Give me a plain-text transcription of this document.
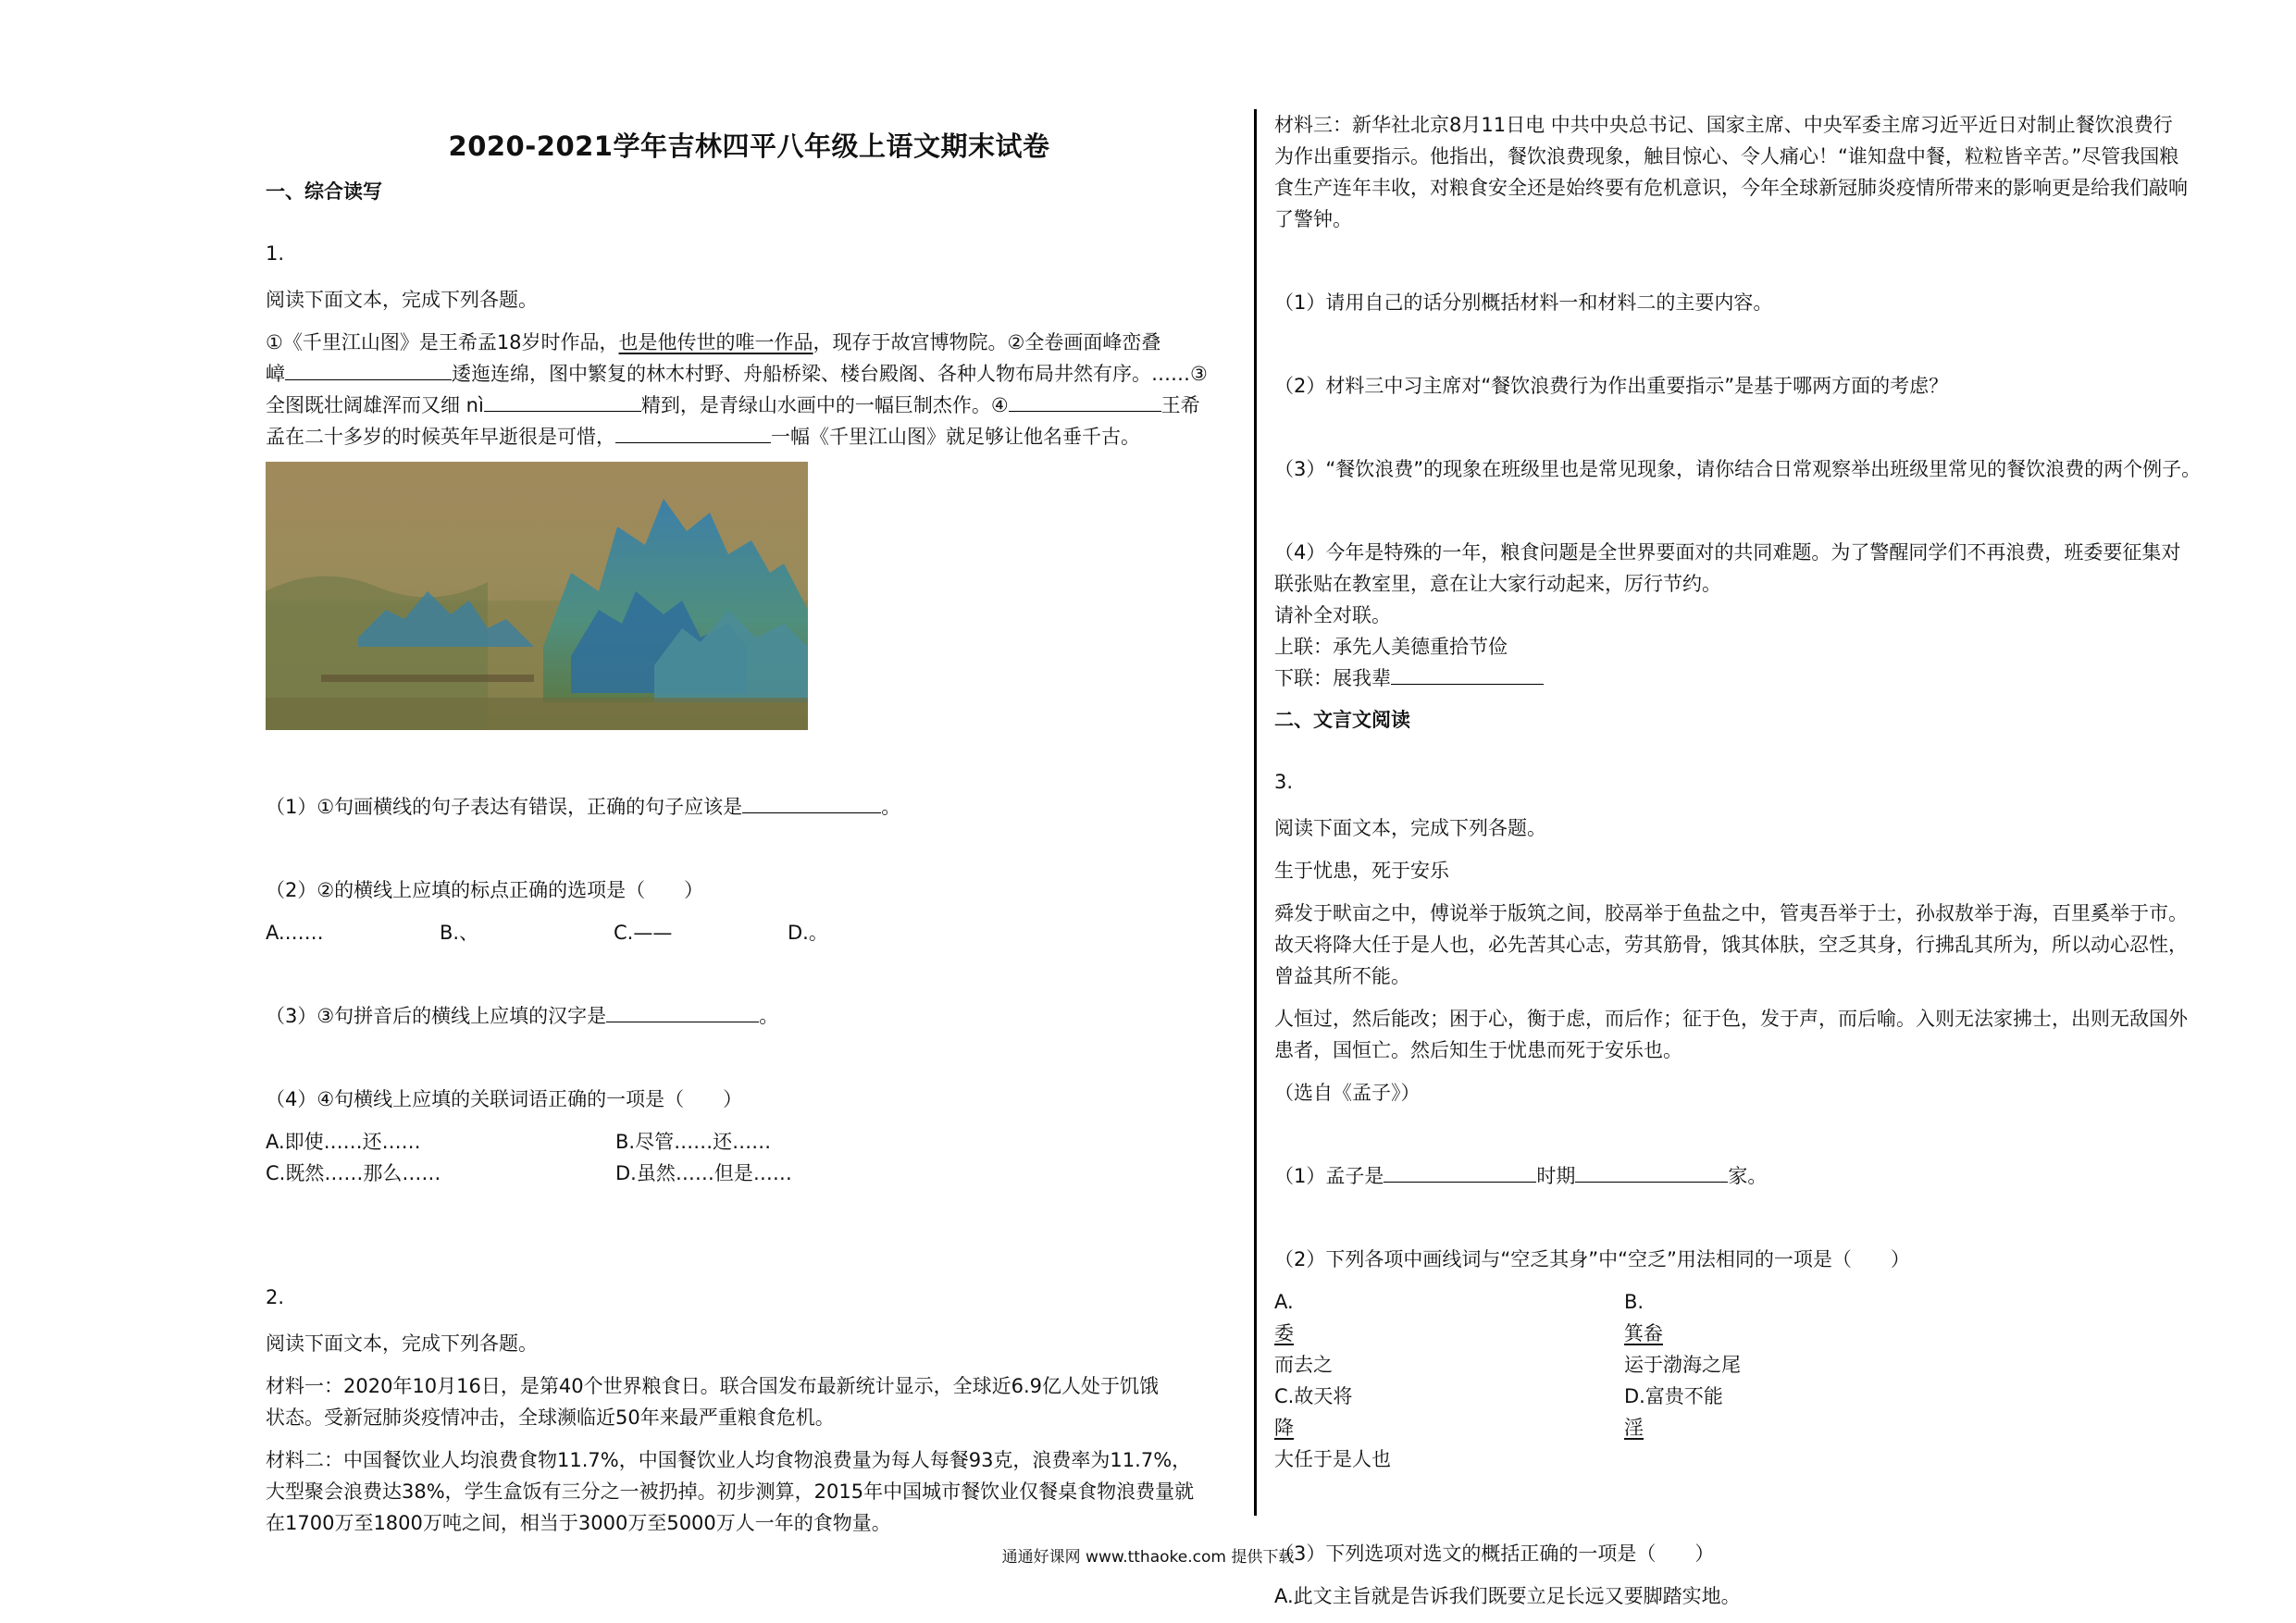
2020-2021学年吉林四平八年级上语文期末试卷
一、综合读写

1.

阅读下面文本，完成下列各题。

①《千里江山图》是王希孟18岁时作品，也是他传世的唯一作品，现存于故宫博物院。②全卷画面峰峦叠

嶂	逶迤连绵，图中繁复的林木村野、舟船桥梁、楼台殿阁、各种人物布局井然有序。……③

全图既壮阔雄浑而又细 nì	精到，是青绿山水画中的一幅巨制杰作。④	王希

孟在二十多岁的时候英年早逝很是可惜，	一幅《千里江山图》就足够让他名垂千古。

（1）①句画横线的句子表达有错误，正确的句子应该是	。

（2）②的横线上应填的标点正确的选项是（　　）

A.……	B.、	C.——	D.。

（3）③句拼音后的横线上应填的汉字是	。

（4）④句横线上应填的关联词语正确的一项是（　　）

A.即使……还……	B.尽管……还……
C.既然……那么……	D.虽然……但是……

2.

阅读下面文本，完成下列各题。

材料一：2020年10月16日，是第40个世界粮食日。联合国发布最新统计显示，全球近6.9亿人处于饥饿

状态。受新冠肺炎疫情冲击，全球濒临近50年来最严重粮食危机。

材料二：中国餐饮业人均浪费食物11.7%，中国餐饮业人均食物浪费量为每人每餐93克，浪费率为11.7%，

大型聚会浪费达38%，学生盒饭有三分之一被扔掉。初步测算，2015年中国城市餐饮业仅餐桌食物浪费量就

在1700万至1800万吨之间，相当于3000万至5000万人一年的食物量。

材料三：新华社北京8月11日电 中共中央总书记、国家主席、中央军委主席习近平近日对制止餐饮浪费行

为作出重要指示。他指出，餐饮浪费现象，触目惊心、令人痛心！“谁知盘中餐，粒粒皆辛苦。”尽管我国粮

食生产连年丰收，对粮食安全还是始终要有危机意识，今年全球新冠肺炎疫情所带来的影响更是给我们敲响

了警钟。

（1）请用自己的话分别概括材料一和材料二的主要内容。

（2）材料三中习主席对“餐饮浪费行为作出重要指示”是基于哪两方面的考虑？

（3）“餐饮浪费”的现象在班级里也是常见现象，请你结合日常观察举出班级里常见的餐饮浪费的两个例子。

（4）今年是特殊的一年，粮食问题是全世界要面对的共同难题。为了警醒同学们不再浪费，班委要征集对

联张贴在教室里，意在让大家行动起来，厉行节约。

请补全对联。

上联：承先人美德重拾节俭

下联：展我辈

二、文言文阅读

3.

阅读下面文本，完成下列各题。

生于忧患，死于安乐

舜发于畎亩之中，傅说举于版筑之间，胶鬲举于鱼盐之中，管夷吾举于士，孙叔敖举于海，百里奚举于市。

故天将降大任于是人也，必先苦其心志，劳其筋骨，饿其体肤，空乏其身，行拂乱其所为，所以动心忍性，

曾益其所不能。

人恒过，然后能改；困于心，衡于虑，而后作；征于色，发于声，而后喻。入则无法家拂士，出则无敌国外

患者，国恒亡。然后知生于忧患而死于安乐也。

（选自《孟子》）

（1）孟子是	时期	家。

（2）下列各项中画线词与“空乏其身”中“空乏”用法相同的一项是（　　）

A.委而去之
B.箕畚运于渤海之尾
C.故天将降大任于是人也
D.富贵不能淫

（3）下列选项对选文的概括正确的一项是（　　）

A.此文主旨就是告诉我们既要立足长远又要脚踏实地。

通通好课网 www.tthaoke.com 提供下载
